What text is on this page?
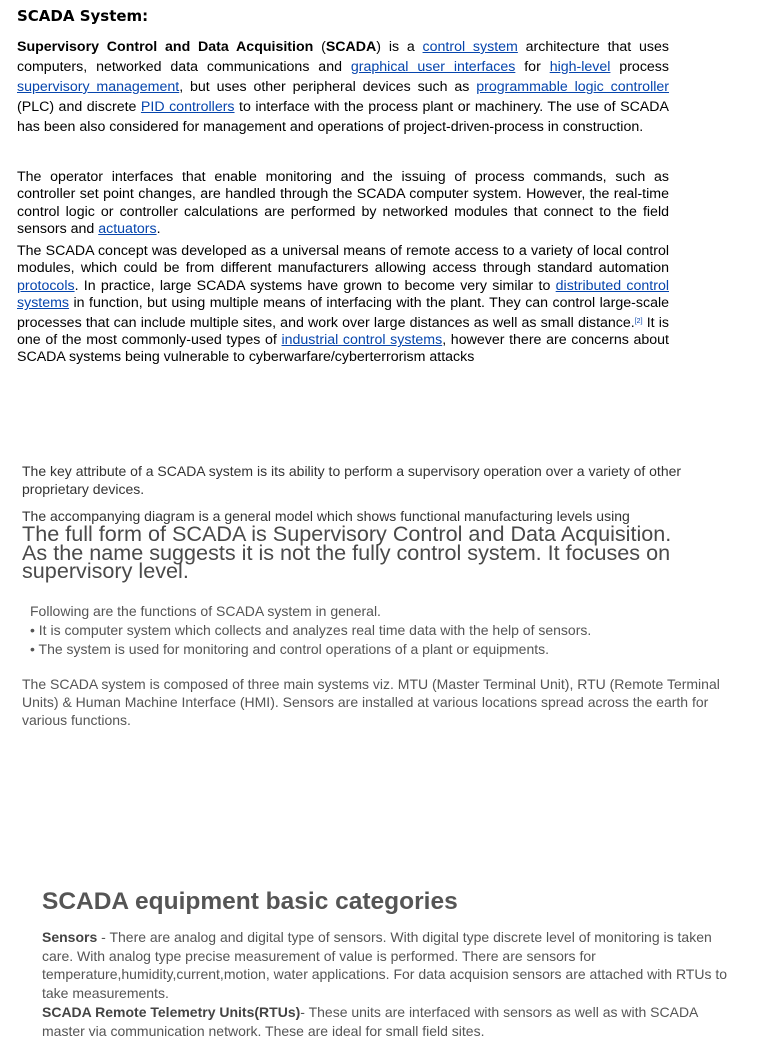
SCADA System:

Supervisory Control and Data Acquisition (SCADA) is a control system architecture that uses computers, networked data communications and graphical user interfaces for high-level process supervisory management, but uses other peripheral devices such as programmable logic controller (PLC) and discrete PID controllers to interface with the process plant or machinery. The use of SCADA has been also considered for management and operations of project-driven-process in construction.

The operator interfaces that enable monitoring and the issuing of process commands, such as controller set point changes, are handled through the SCADA computer system. However, the real-time control logic or controller calculations are performed by networked modules that connect to the field sensors and actuators.

The SCADA concept was developed as a universal means of remote access to a variety of local control modules, which could be from different manufacturers allowing access through standard automation protocols. In practice, large SCADA systems have grown to become very similar to distributed control systems in function, but using multiple means of interfacing with the plant. They can control large-scale processes that can include multiple sites, and work over large distances as well as small distance.[2] It is one of the most commonly-used types of industrial control systems, however there are concerns about SCADA systems being vulnerable to cyberwarfare/cyberterrorism attacks

The key attribute of a SCADA system is its ability to perform a supervisory operation over a variety of other proprietary devices.

The accompanying diagram is a general model which shows functional manufacturing levels using

The full form of SCADA is Supervisory Control and Data Acquisition.
As the name suggests it is not the fully control system. It focuses on
supervisory level.
Following are the functions of SCADA system in general.
• It is computer system which collects and analyzes real time data with the help of sensors.
• The system is used for monitoring and control operations of a plant or equipments.

The SCADA system is composed of three main systems viz. MTU (Master Terminal Unit), RTU (Remote Terminal Units) & Human Machine Interface (HMI). Sensors are installed at various locations spread across the earth for various functions.

SCADA equipment basic categories

Sensors - There are analog and digital type of sensors. With digital type discrete level of monitoring is taken care. With analog type precise measurement of value is performed. There are sensors for temperature,humidity,current,motion, water applications. For data acquision sensors are attached with RTUs to take measurements.

SCADA Remote Telemetry Units(RTUs)- These units are interfaced with sensors as well as with SCADA master via communication network. These are ideal for small field sites.
